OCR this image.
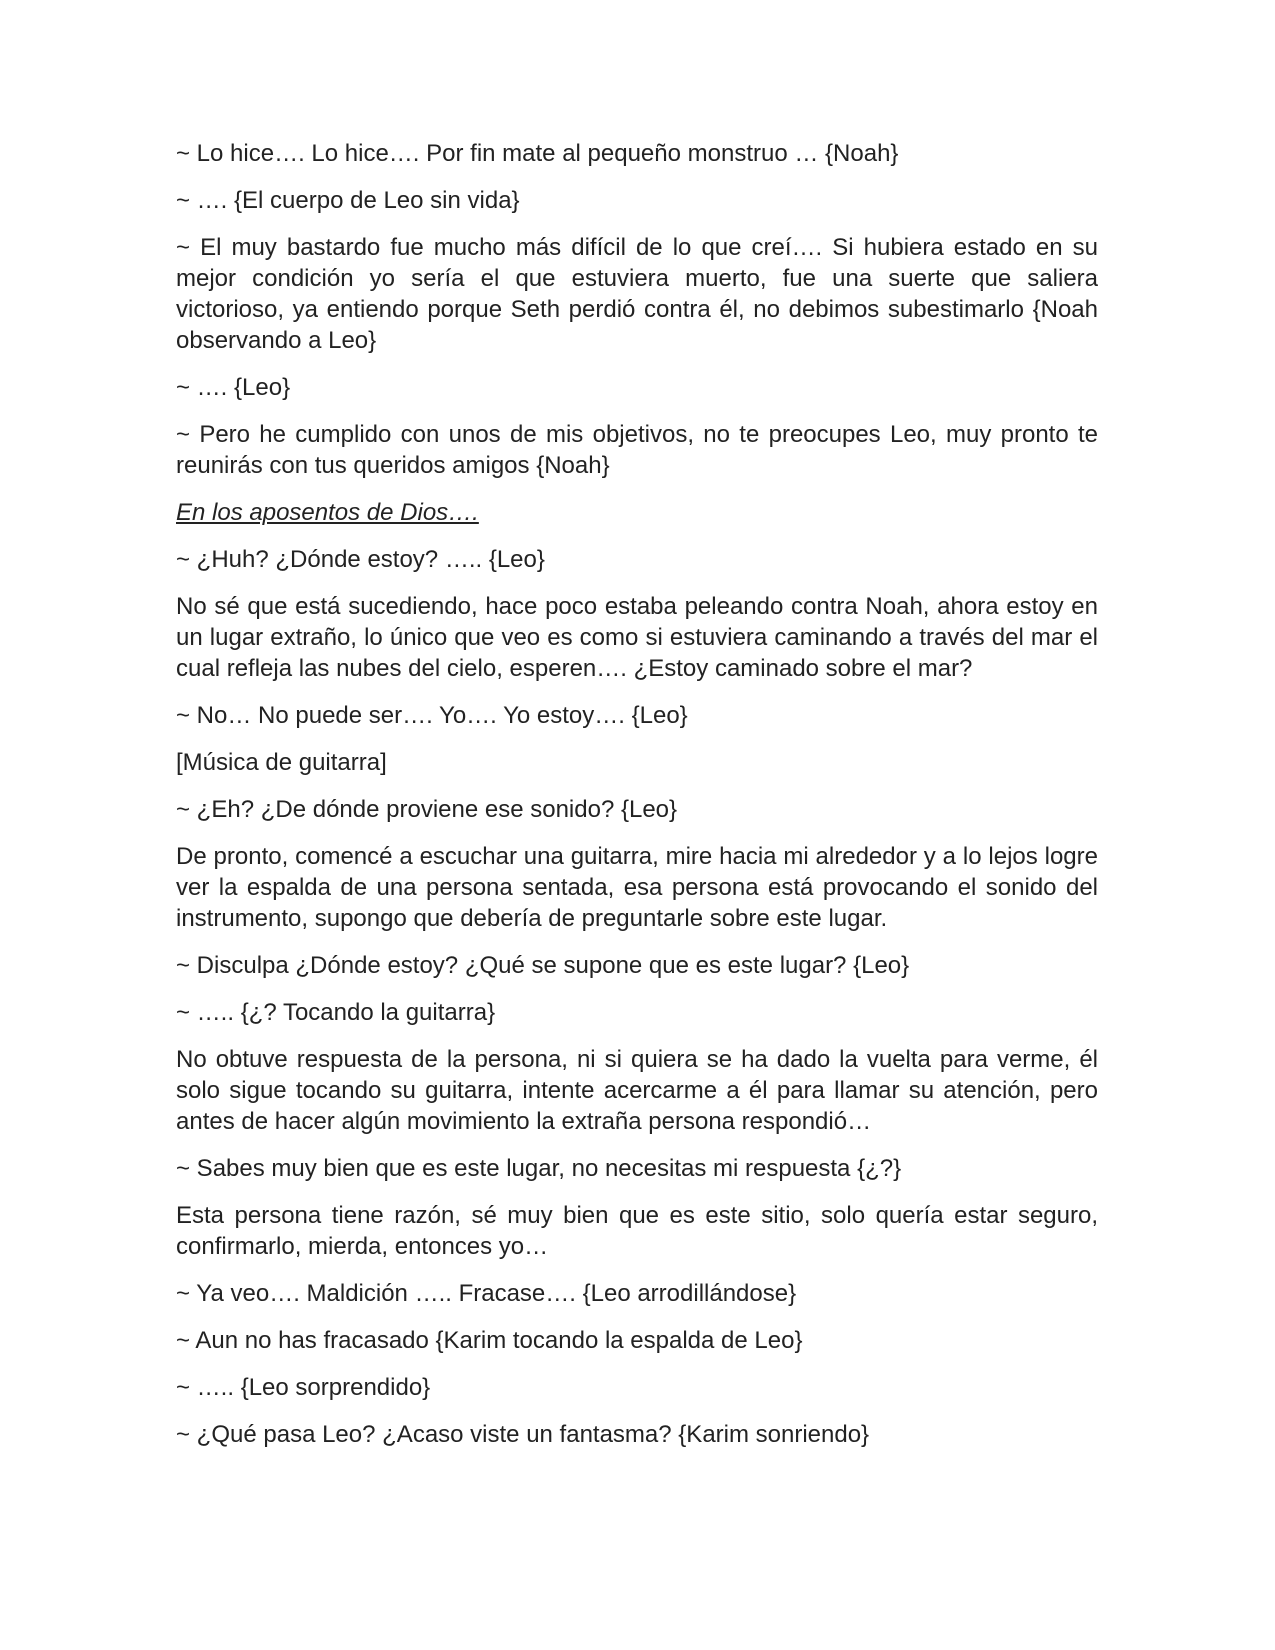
~ Lo hice…. Lo hice…. Por fin mate al pequeño monstruo … {Noah}

~ …. {El cuerpo de Leo sin vida}

~ El muy bastardo fue mucho más difícil de lo que creí…. Si hubiera estado en su mejor condición yo sería el que estuviera muerto, fue una suerte que saliera victorioso, ya entiendo porque Seth perdió contra él, no debimos subestimarlo {Noah observando a Leo}

~ …. {Leo}

~ Pero he cumplido con unos de mis objetivos, no te preocupes Leo, muy pronto te reunirás con tus queridos amigos {Noah}

En los aposentos de Dios….

~ ¿Huh? ¿Dónde estoy? ….. {Leo}

No sé que está sucediendo, hace poco estaba peleando contra Noah, ahora estoy en un lugar extraño, lo único que veo es como si estuviera caminando a través del mar el cual refleja las nubes del cielo, esperen…. ¿Estoy caminado sobre el mar?

~ No… No puede ser…. Yo…. Yo estoy…. {Leo}

[Música de guitarra]

~ ¿Eh? ¿De dónde proviene ese sonido? {Leo}

De pronto, comencé a escuchar una guitarra, mire hacia mi alrededor y a lo lejos logre ver la espalda de una persona sentada, esa persona está provocando el sonido del instrumento, supongo que debería de preguntarle sobre este lugar.

~ Disculpa ¿Dónde estoy? ¿Qué se supone que es este lugar? {Leo}

~ ….. {¿? Tocando la guitarra}

No obtuve respuesta de la persona, ni si quiera se ha dado la vuelta para verme, él solo sigue tocando su guitarra, intente acercarme a él para llamar su atención, pero antes de hacer algún movimiento la extraña persona respondió…

~ Sabes muy bien que es este lugar, no necesitas mi respuesta {¿?}

Esta persona tiene razón, sé muy bien que es este sitio, solo quería estar seguro, confirmarlo, mierda, entonces yo…

~ Ya veo…. Maldición ….. Fracase…. {Leo arrodillándose}

~ Aun no has fracasado {Karim tocando la espalda de Leo}

~ ….. {Leo sorprendido}

~ ¿Qué pasa Leo? ¿Acaso viste un fantasma? {Karim sonriendo}
